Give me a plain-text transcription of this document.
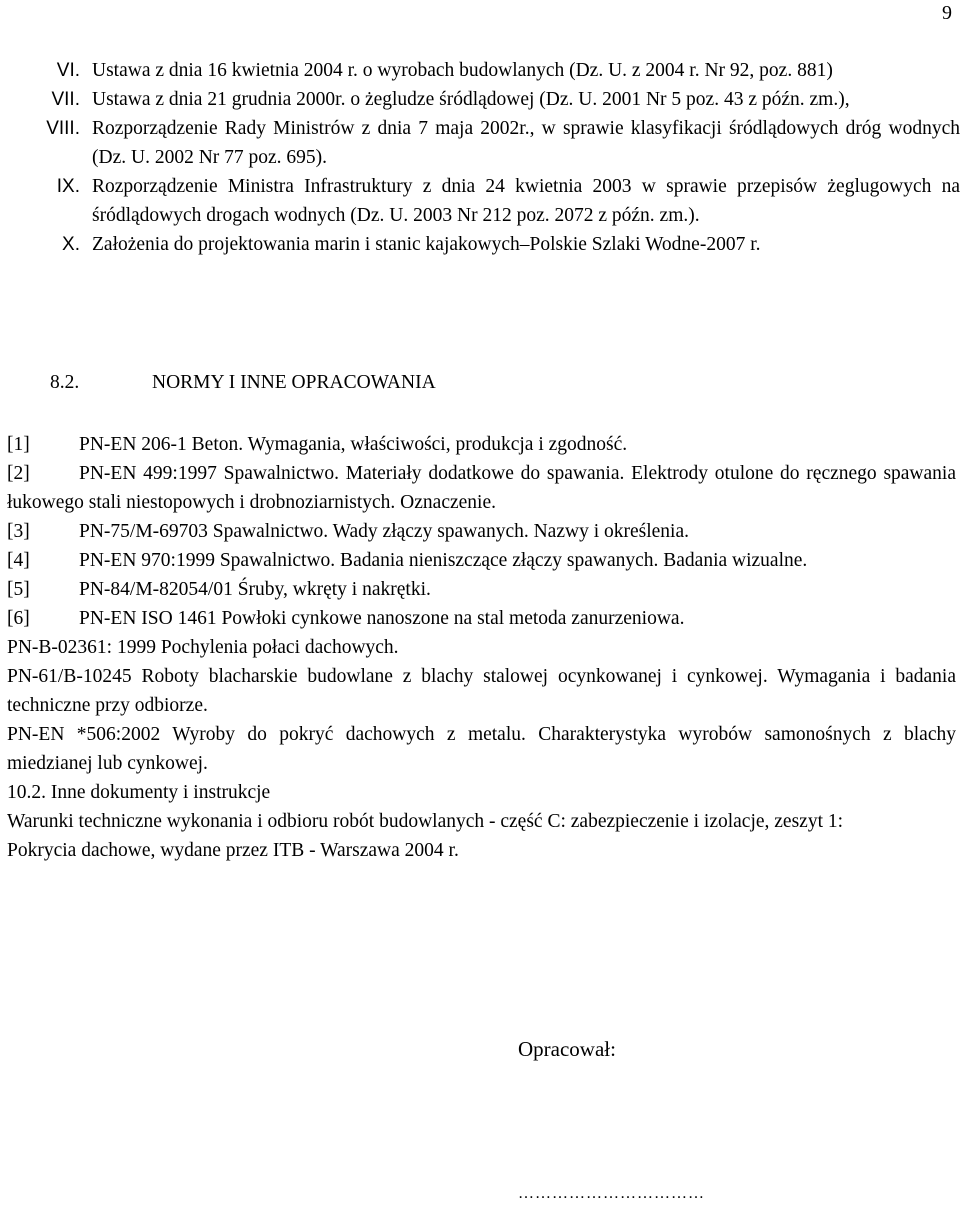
9
VI. Ustawa z dnia 16 kwietnia 2004 r. o wyrobach budowlanych (Dz. U. z 2004 r. Nr 92, poz. 881)
VII. Ustawa z dnia 21 grudnia 2000r. o żegludze śródlądowej (Dz. U. 2001 Nr 5 poz. 43 z późn. zm.),
VIII. Rozporządzenie Rady Ministrów z dnia 7 maja 2002r., w sprawie klasyfikacji śródlądowych dróg wodnych (Dz. U. 2002 Nr 77 poz. 695).
IX. Rozporządzenie Ministra Infrastruktury z dnia 24 kwietnia 2003 w sprawie przepisów żeglugowych na śródlądowych drogach wodnych (Dz. U. 2003 Nr 212 poz. 2072 z późn. zm.).
X. Założenia do projektowania marin i stanic kajakowych–Polskie Szlaki Wodne-2007 r.
8.2.	NORMY I INNE OPRACOWANIA
[1]	PN-EN 206-1 Beton. Wymagania, właściwości, produkcja i zgodność.
[2]	PN-EN 499:1997 Spawalnictwo. Materiały dodatkowe do spawania. Elektrody otulone do ręcznego spawania łukowego stali niestopowych i drobnoziarnistych. Oznaczenie.
[3]	PN-75/M-69703 Spawalnictwo. Wady złączy spawanych. Nazwy i określenia.
[4]	PN-EN 970:1999 Spawalnictwo. Badania nieniszczące złączy spawanych. Badania wizualne.
[5]	PN-84/M-82054/01 Śruby, wkręty i nakrętki.
[6]	PN-EN ISO 1461 Powłoki cynkowe nanoszone na stal metoda zanurzeniowa.
PN-B-02361: 1999 Pochylenia połaci dachowych.
PN-61/B-10245 Roboty blacharskie budowlane z blachy stalowej ocynkowanej i cynkowej. Wymagania i badania techniczne przy odbiorze.
PN-EN *506:2002 Wyroby do pokryć dachowych z metalu. Charakterystyka wyrobów samonośnych z blachy miedzianej lub cynkowej.
10.2. Inne dokumenty i instrukcje
Warunki techniczne wykonania i odbioru robót budowlanych - część C: zabezpieczenie i izolacje, zeszyt 1:
Pokrycia dachowe, wydane przez ITB - Warszawa 2004 r.
Opracował:
……………………………
